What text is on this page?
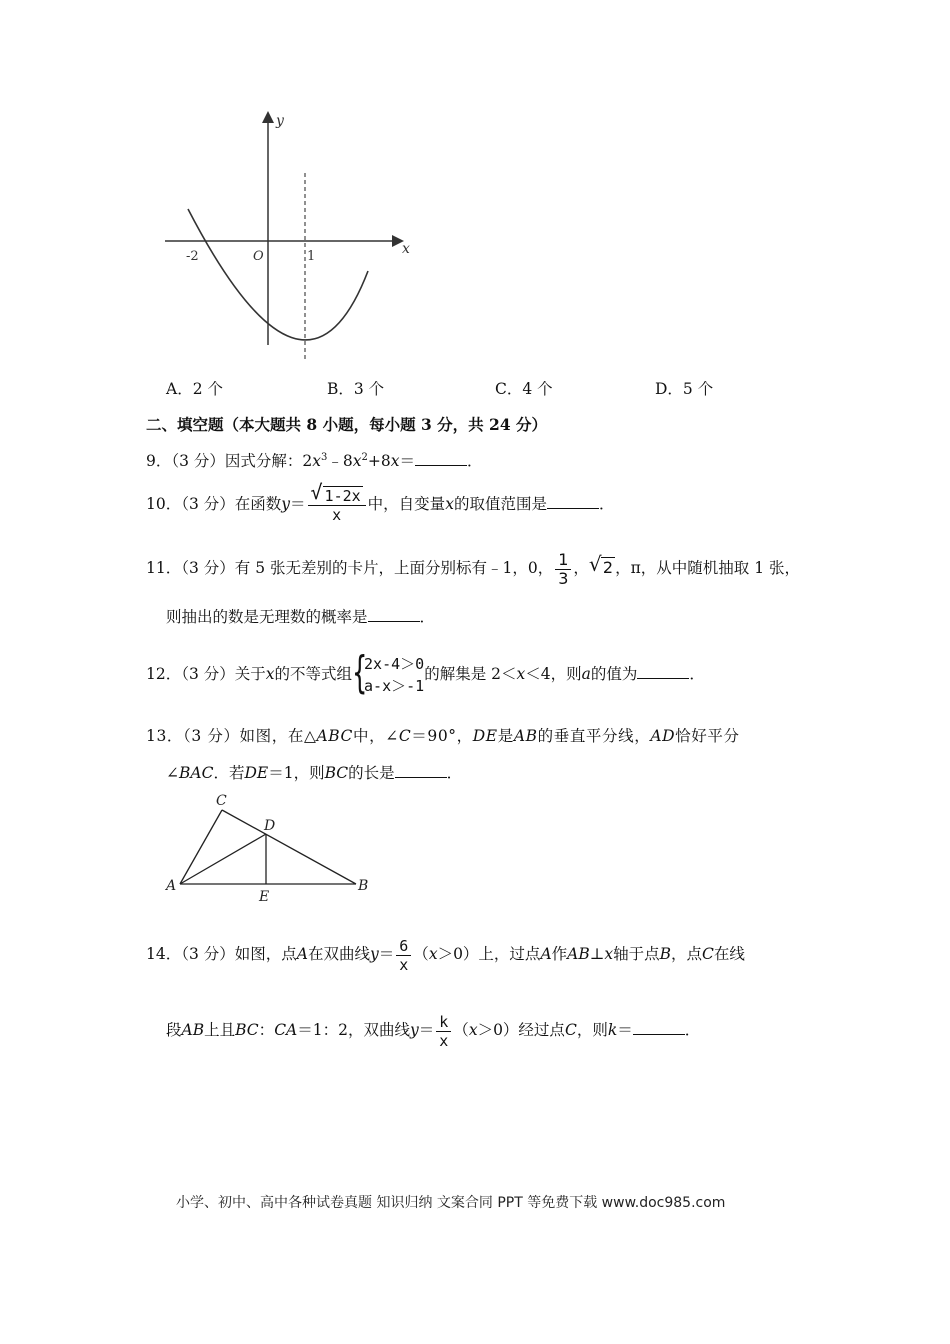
y
x
O
-2	1
A．2 个	B．3 个	C．4 个	D．5 个
二、填空题（本大题共 8 小题，每小题 3 分，共 24 分）
9．（3 分）因式分解：$2x^3﹣8x^2+8x=$	．
10．（3 分）在函数$y= \frac{√ 1-2x}{x}$ 中，自变量x的取值范围是	．
11．（3 分）有 5 张无差别的卡片，上面分别标有﹣1，0， $\frac{1}{3}$ ， √ 2 ，π，从中随机抽取 1 张，
则抽出的数是无理数的概率是	．
12．（3 分）关于x的不等式组 {
2x-4＞0
a-x＞-1
的解集是 2＜x＜4，则a的值为	．
13．（3 分）如图，在△ABC中，∠C＝90°，DE是AB的垂直平分线，AD恰好平分
∠BAC．若DE＝1，则BC的长是	．
A	B
C
D
E
14．（3 分）如图，点A在双曲线$y= \frac{6}{x} (x>0)$上，过点A作AB⊥x轴于点B，点C在线
段AB上且BC：CA＝1：2，双曲线$y= \frac{k}{x} (x>0)$经过点C，则k＝	．
小学、初中、高中各种试卷真题 知识归纳 文案合同 PPT 等免费下载 www.doc985.com
